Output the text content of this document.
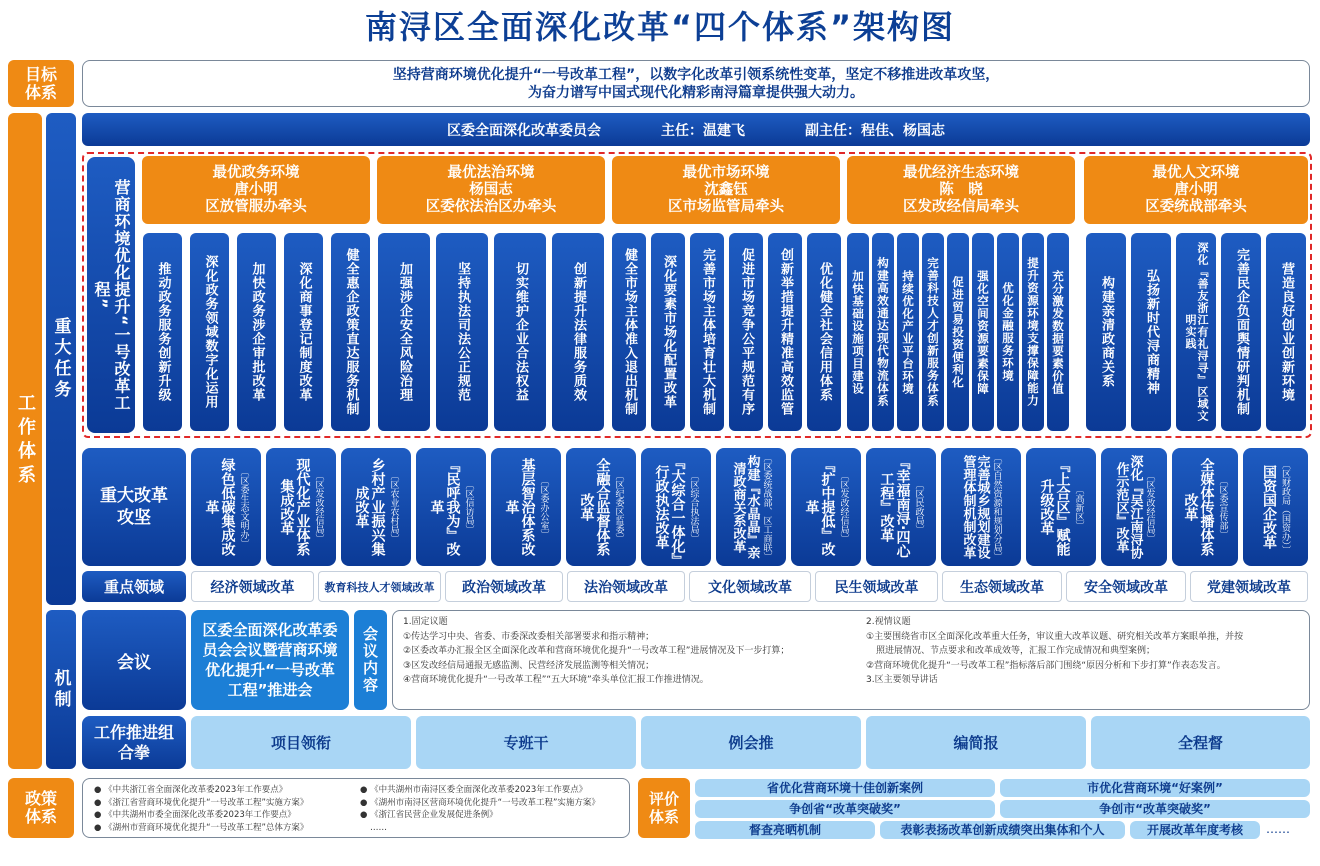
南浔区全面深化改革“四个体系”架构图
目标体系
坚持营商环境优化提升“一号改革工程”，以数字化改革引领系统性变革，坚定不移推进改革攻坚，
为奋力谱写中国式现代化精彩南浔篇章提供强大动力。
工作体系
重大任务
机制
区委全面深化改革委员会	主任：温建飞	副主任：程佳、杨国志
营商环境优化提升“一号改革工程”
最优政务环境
唐小明
区放管服办牵头
最优法治环境
杨国志
区委依法治区办牵头
最优市场环境
沈鑫钰
区市场监管局牵头
最优经济生态环境
陈　晓
区发改经信局牵头
最优人文环境
唐小明
区委统战部牵头
推动政务服务创新升级	深化政务领域数字化运用	加快政务涉企审批改革	深化商事登记制度改革	健全惠企政策直达服务机制	加强涉企安全风险治理	坚持执法司法公正规范	切实维护企业合法权益	创新提升法律服务质效	健全市场主体准入退出机制	深化要素市场化配置改革	完善市场主体培育壮大机制	促进市场竞争公平规范有序	创新举措提升精准高效监管	优化健全社会信用体系	加快基础设施项目建设 构建高效通达现代物流体系 持续优化产业平台环境 完善科技人才创新服务体系 促进贸易投资便利化 强化空间资源要素保障 优化金融服务环境 提升资源环境支撑保障能力 充分激发数据要素价值	构建亲清政商关系	弘扬新时代浔商精神	深化『善友浙江有礼浔寻』区域文明实践	完善民企负面舆情研判机制	营造良好创业创新环境
重大改革攻坚	绿色低碳集成改革	〔区委生态文明办〕	现代化产业体系集成改革	〔区发改经信局〕	乡村产业振兴集成改革	〔区农业农村局〕	『民呼我为』改革	〔区信访局〕	基层智治体系改革	〔区委办公室〕	全融合监督体系改革	〔区纪委区监委〕	『大综合一体化』行政执法改革	〔区综合执法局〕	构建『水晶晶』亲清政商关系改革	〔区委统战部、区工商联〕	『扩中提低』改革	〔区发改经信局〕	『幸福南浔·四心工程』改革	〔区民政局〕	完善城乡规划建设管理体制机制改革	〔区自然资源和规划分局〕	『上合区』赋能升级改革	〔高新区〕	深化『吴江南浔协作示范区』改革	〔区发改经信局〕	全媒体传播体系改革	〔区委宣传部〕 国资国企改革 〔区财政局（国资办）〕
重点领域	经济领域改革	教育科技人才领域改革	政治领域改革	法治领域改革	文化领域改革	民生领域改革	生态领域改革	安全领域改革	党建领域改革
会议
区委全面深化改革委员会会议暨营商环境优化提升“一号改革工程”推进会
会议内容
1.固定议题
①传达学习中央、省委、市委深改委相关部署要求和指示精神；
②区委改革办汇报全区全面深化改革和营商环境优化提升“一号改革工程”进展情况及下一步打算；
③区发改经信局通报无感监测、民营经济发展监测等相关情况；
④营商环境优化提升“一号改革工程”“五大环境”牵头单位汇报工作推进情况。
2.视情议题
①主要围绕省市区全面深化改革重大任务，审议重大改革议题、研究相关改革方案眼单推，并按
照进展情况、节点要求和改革成效等，汇报工作完成情况和典型案例；
②营商环境优化提升“一号改革工程”指标落后部门围绕“原因分析和下步打算”作表态发言。
3.区主要领导讲话
工作推进组合拳	项目领衔	专班干	例会推	编简报	全程督
政策体系
● 《中共浙江省全面深化改革委2023年工作要点》
● 《浙江省营商环境优化提升“一号改革工程”实施方案》
● 《中共湖州市委全面深化改革委2023年工作要点》
● 《湖州市营商环境优化提升“一号改革工程”总体方案》
● 《中共湖州市南浔区委全面深化改革委2023年工作要点》
● 《湖州市南浔区营商环境优化提升“一号改革工程”实施方案》
● 《浙江省民营企业发展促进条例》
……
评价体系
省优化营商环境十佳创新案例	市优化营商环境“好案例”
争创省“改革突破奖”	争创市“改革突破奖”
督查亮晒机制	表彰表扬改革创新成绩突出集体和个人	开展改革年度考核	……
